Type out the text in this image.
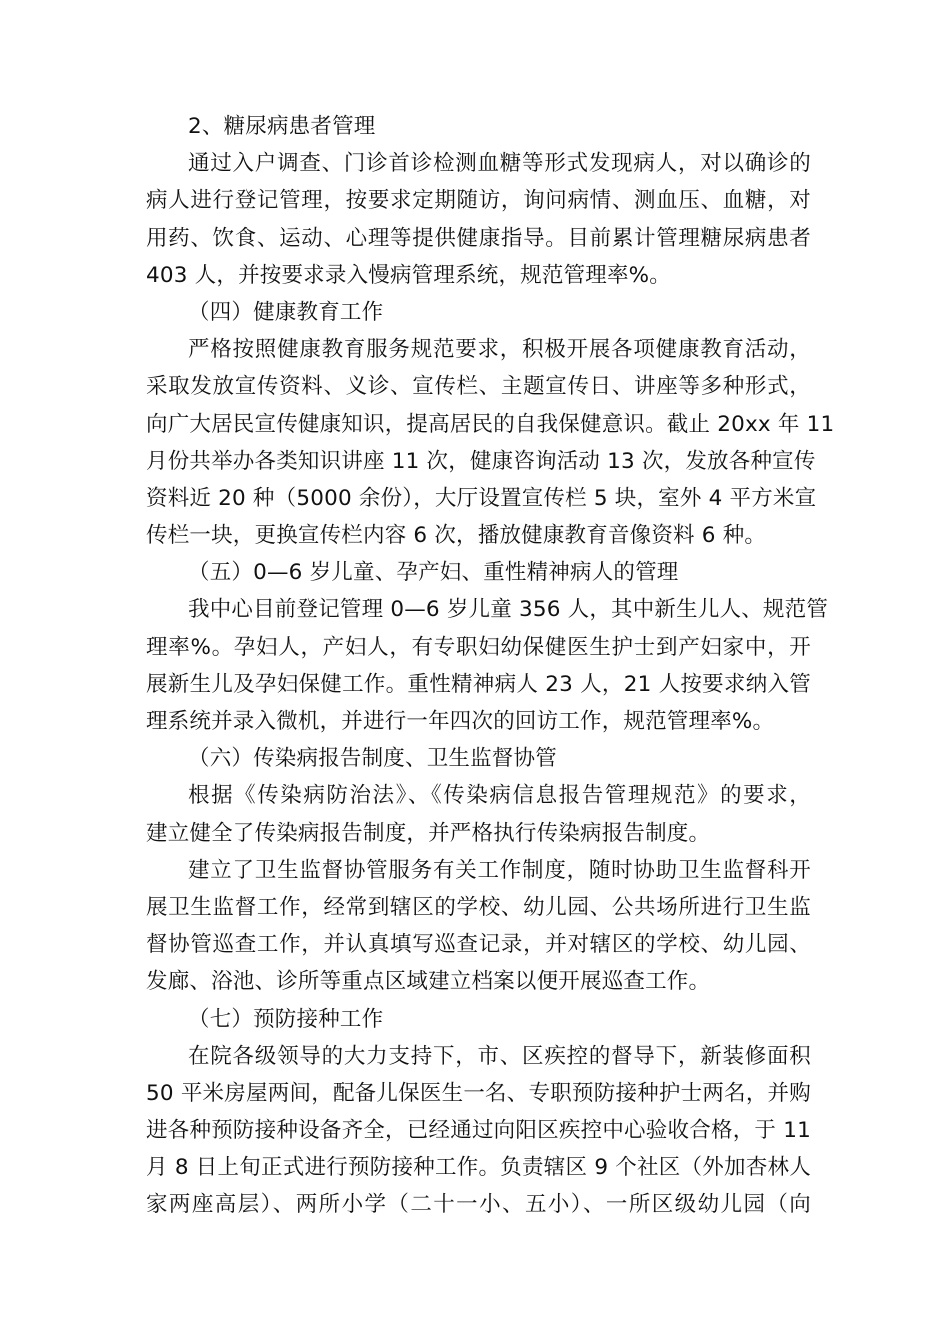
2、糖尿病患者管理
通过入户调查、门诊首诊检测血糖等形式发现病人，对以确诊的
病人进行登记管理，按要求定期随访，询问病情、测血压、血糖，对
用药、饮食、运动、心理等提供健康指导。目前累计管理糖尿病患者
403 人，并按要求录入慢病管理系统，规范管理率%。
（四）健康教育工作
严格按照健康教育服务规范要求，积极开展各项健康教育活动，
采取发放宣传资料、义诊、宣传栏、主题宣传日、讲座等多种形式，
向广大居民宣传健康知识，提高居民的自我保健意识。截止 20xx 年 11
月份共举办各类知识讲座 11 次，健康咨询活动 13 次，发放各种宣传
资料近 20 种（5000 余份），大厅设置宣传栏 5 块，室外 4 平方米宣
传栏一块，更换宣传栏内容 6 次，播放健康教育音像资料 6 种。
（五）0—6 岁儿童、孕产妇、重性精神病人的管理
我中心目前登记管理 0—6 岁儿童 356 人，其中新生儿人、规范管
理率%。孕妇人，产妇人，有专职妇幼保健医生护士到产妇家中，开
展新生儿及孕妇保健工作。重性精神病人 23 人，21 人按要求纳入管
理系统并录入微机，并进行一年四次的回访工作，规范管理率%。
（六）传染病报告制度、卫生监督协管
根据《传染病防治法》、《传染病信息报告管理规范》的要求，
建立健全了传染病报告制度，并严格执行传染病报告制度。
建立了卫生监督协管服务有关工作制度，随时协助卫生监督科开
展卫生监督工作，经常到辖区的学校、幼儿园、公共场所进行卫生监
督协管巡查工作，并认真填写巡查记录，并对辖区的学校、幼儿园、
发廊、浴池、诊所等重点区域建立档案以便开展巡查工作。
（七）预防接种工作
在院各级领导的大力支持下，市、区疾控的督导下，新装修面积
50 平米房屋两间，配备儿保医生一名、专职预防接种护士两名，并购
进各种预防接种设备齐全，已经通过向阳区疾控中心验收合格，于 11
月 8 日上旬正式进行预防接种工作。负责辖区 9 个社区（外加杏林人
家两座高层）、两所小学（二十一小、五小）、一所区级幼儿园（向
